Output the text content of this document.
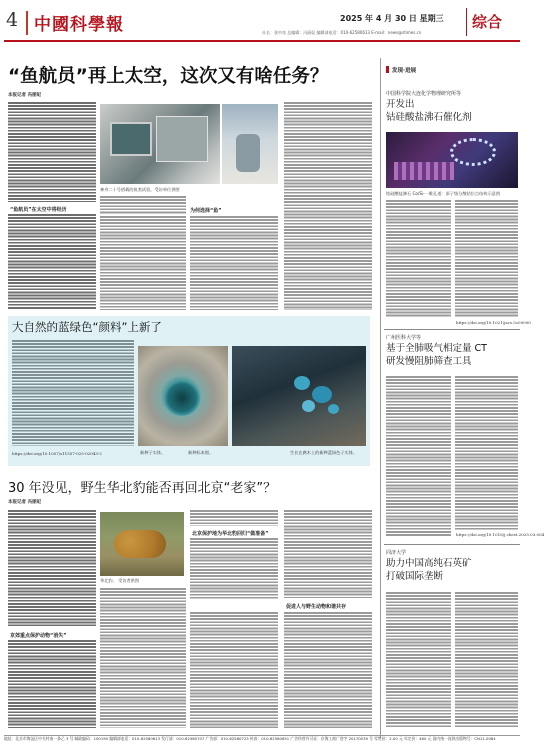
4 中國科學報	2025 年 4 月 30 日 星期三
社长：张中良 总编辑：冯丽妃 编辑部电话：010-62580613 E-mail：news@stimes.cn
综合
“鱼航员”再上太空，这次又有啥任务？
本报记者 冯丽妃
“鱼航员”在太空中将经历
神舟二十号搭载的鱼类试验。受访单位供图
为何选择“鱼”
大自然的蓝绿色“颜料”上新了
https://doi.org/10.1007/s11557-025-02043-2	新种子实体。	新种标本照。	生长在腐木上的新种蓝绿色子实体。
30 年没见，野生华北豹能否再回北京“老家”？
本报记者 冯丽妃
京郊重点保护动物“消失”
华北豹。 受访者供图
北京保护地为华北豹回归“做准备”
促进人与野生动物和谐共存
发现·进展
中国科学院大连化学物理研究所等
开发出
钴硅酸盐沸石催化剂
钴硅酸盐沸石 Co/Si-一维孔道：原子级分散钴位点结构示意图
https://doi.org/10.1021/jacs.5c00000
广州医科大学等
基于全肺吸气相定量 CT
研发慢阻肺筛查工具
https://doi.org/10.1016/j.chest.2025.03.004
同济大学
助力中国高纯石英矿
打破国际垄断
地址：北京市海淀区中关村南一条乙 3 号 邮政编码：100190 编辑部电话：010-62580613 发行部：010-62580707 广告部：010-62580723 传真：010-62580651 广告经营许可证：京海工商广登字 20170039 号 零售价：2.00 元 年定价：460 元 国内统一连续出版物号：CN11-0084
